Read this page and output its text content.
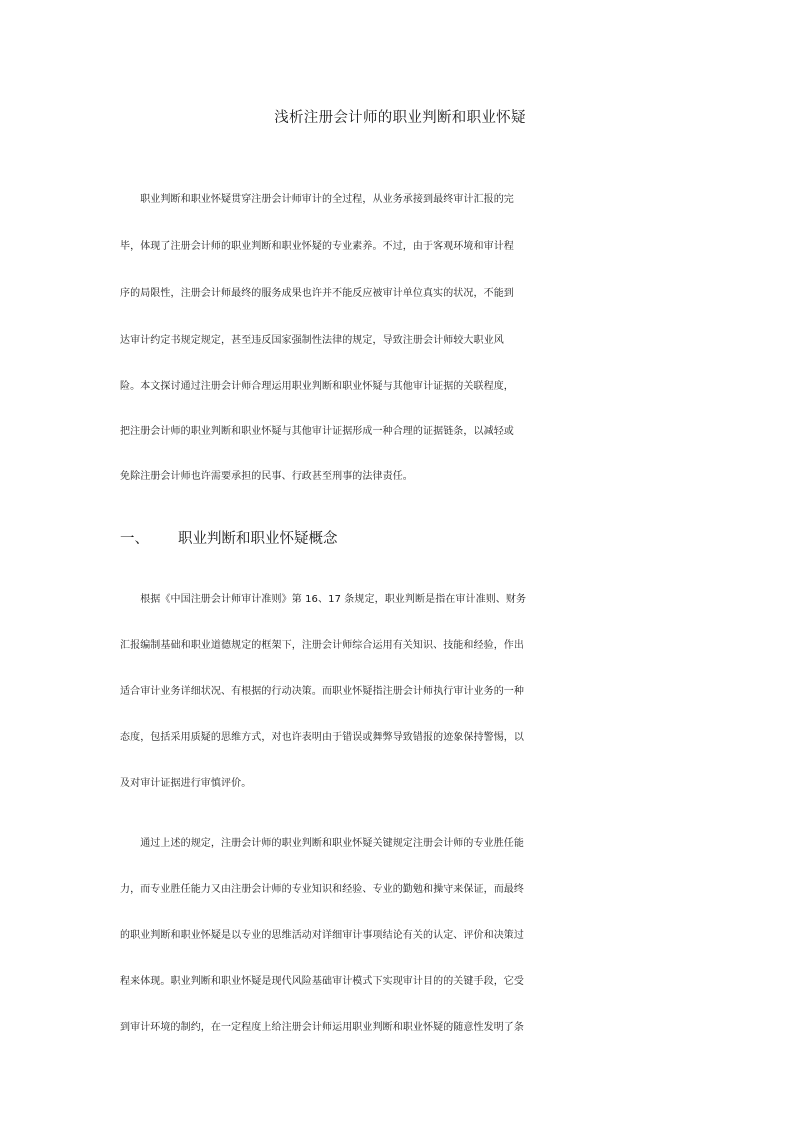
浅析注册会计师的职业判断和职业怀疑
　　职业判断和职业怀疑贯穿注册会计师审计的全过程，从业务承接到最终审计汇报的完
毕，体现了注册会计师的职业判断和职业怀疑的专业素养。不过，由于客观环境和审计程
序的局限性，注册会计师最终的服务成果也许并不能反应被审计单位真实的状况，不能到
达审计约定书规定规定，甚至违反国家强制性法律的规定，导致注册会计师较大职业风
险。本文探讨通过注册会计师合理运用职业判断和职业怀疑与其他审计证据的关联程度，
把注册会计师的职业判断和职业怀疑与其他审计证据形成一种合理的证据链条，以减轻或
免除注册会计师也许需要承担的民事、行政甚至刑事的法律责任。
一、 职业判断和职业怀疑概念
　　根据《中国注册会计师审计准则》第 16、17 条规定，职业判断是指在审计准则、财务
汇报编制基础和职业道德规定的框架下，注册会计师综合运用有关知识、技能和经验，作出
适合审计业务详细状况、有根据的行动决策。而职业怀疑指注册会计师执行审计业务的一种
态度，包括采用质疑的思维方式，对也许表明由于错误或舞弊导致错报的迹象保持警惕，以
及对审计证据进行审慎评价。
　　通过上述的规定，注册会计师的职业判断和职业怀疑关键规定注册会计师的专业胜任能
力，而专业胜任能力又由注册会计师的专业知识和经验、专业的勤勉和操守来保证，而最终
的职业判断和职业怀疑是以专业的思维活动对详细审计事项结论有关的认定、评价和决策过
程来体现。职业判断和职业怀疑是现代风险基础审计模式下实现审计目的的关键手段，它受
到审计环境的制约，在一定程度上给注册会计师运用职业判断和职业怀疑的随意性发明了条
